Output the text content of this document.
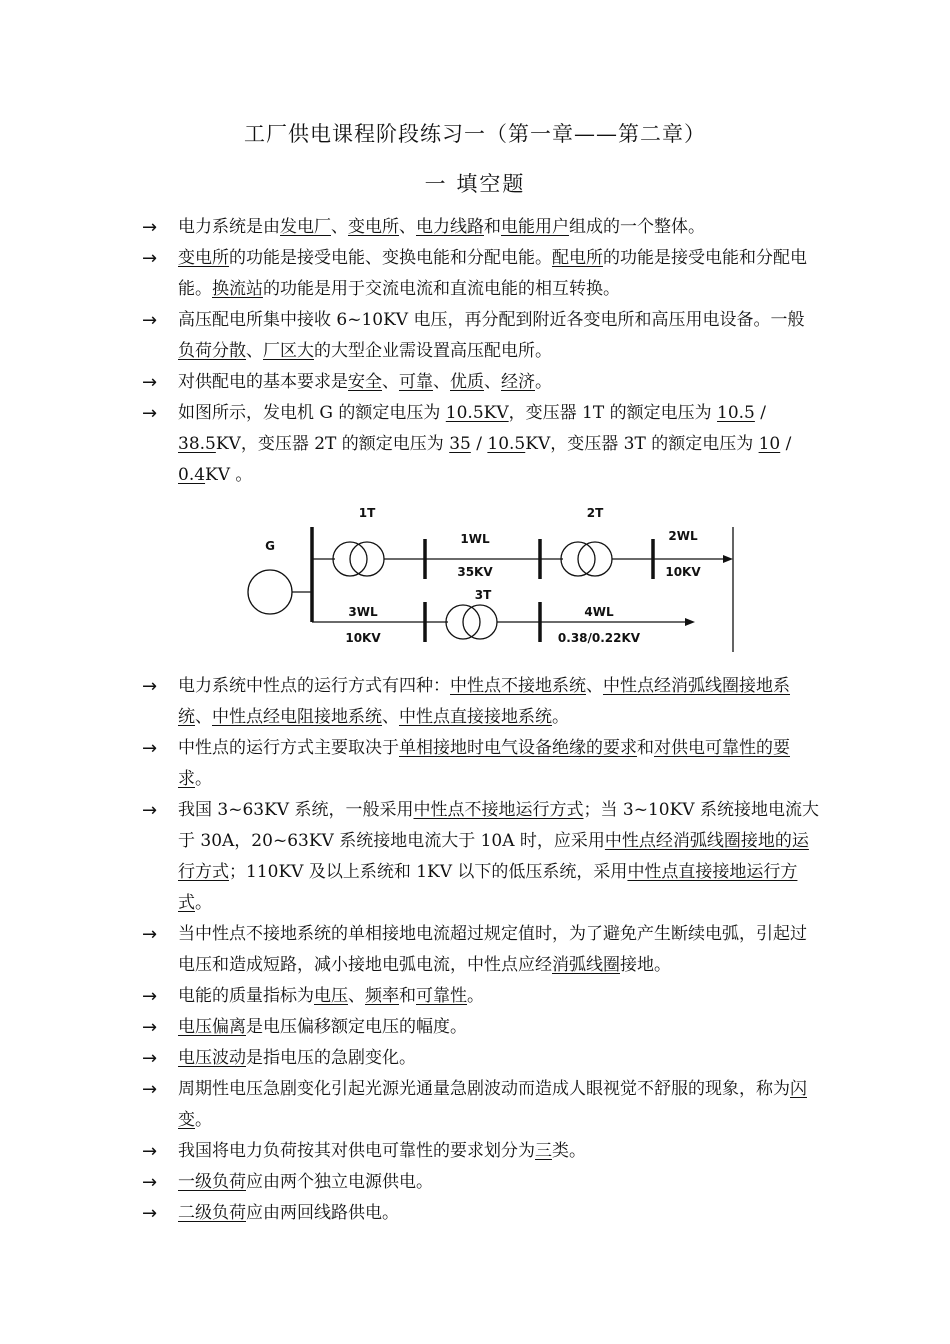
工厂供电课程阶段练习一（第一章——第二章）
一 填空题
→ 电力系统是由发电厂、变电所、电力线路和电能用户组成的一个整体。
→ 变电所的功能是接受电能、变换电能和分配电能。配电所的功能是接受电能和分配电能。换流站的功能是用于交流电流和直流电能的相互转换。
→ 高压配电所集中接收 6~10KV 电压，再分配到附近各变电所和高压用电设备。一般负荷分散、厂区大的大型企业需设置高压配电所。
→ 对供配电的基本要求是安全、可靠、优质、经济。
→ 如图所示，发电机 G 的额定电压为 10.5KV，变压器 1T 的额定电压为 10.5 / 38.5KV，变压器 2T 的额定电压为 35 / 10.5KV，变压器 3T 的额定电压为 10 / 0.4KV 。
G
1T	2T
3T
1WL
35KV
2WL
10KV
3WL
10KV
4WL
0.38/0.22KV
→ 电力系统中性点的运行方式有四种：中性点不接地系统、中性点经消弧线圈接地系统、中性点经电阻接地系统、中性点直接接地系统。
→ 中性点的运行方式主要取决于单相接地时电气设备绝缘的要求和对供电可靠性的要求。
→ 我国 3~63KV 系统，一般采用中性点不接地运行方式；当 3~10KV 系统接地电流大于 30A，20~63KV 系统接地电流大于 10A 时，应采用中性点经消弧线圈接地的运行方式；110KV 及以上系统和 1KV 以下的低压系统，采用中性点直接接地运行方式。
→ 当中性点不接地系统的单相接地电流超过规定值时，为了避免产生断续电弧，引起过电压和造成短路，减小接地电弧电流，中性点应经消弧线圈接地。
→ 电能的质量指标为电压、频率和可靠性。
→ 电压偏离是电压偏移额定电压的幅度。
→ 电压波动是指电压的急剧变化。
→ 周期性电压急剧变化引起光源光通量急剧波动而造成人眼视觉不舒服的现象，称为闪变。
→ 我国将电力负荷按其对供电可靠性的要求划分为三类。
→ 一级负荷应由两个独立电源供电。
→ 二级负荷应由两回线路供电。
